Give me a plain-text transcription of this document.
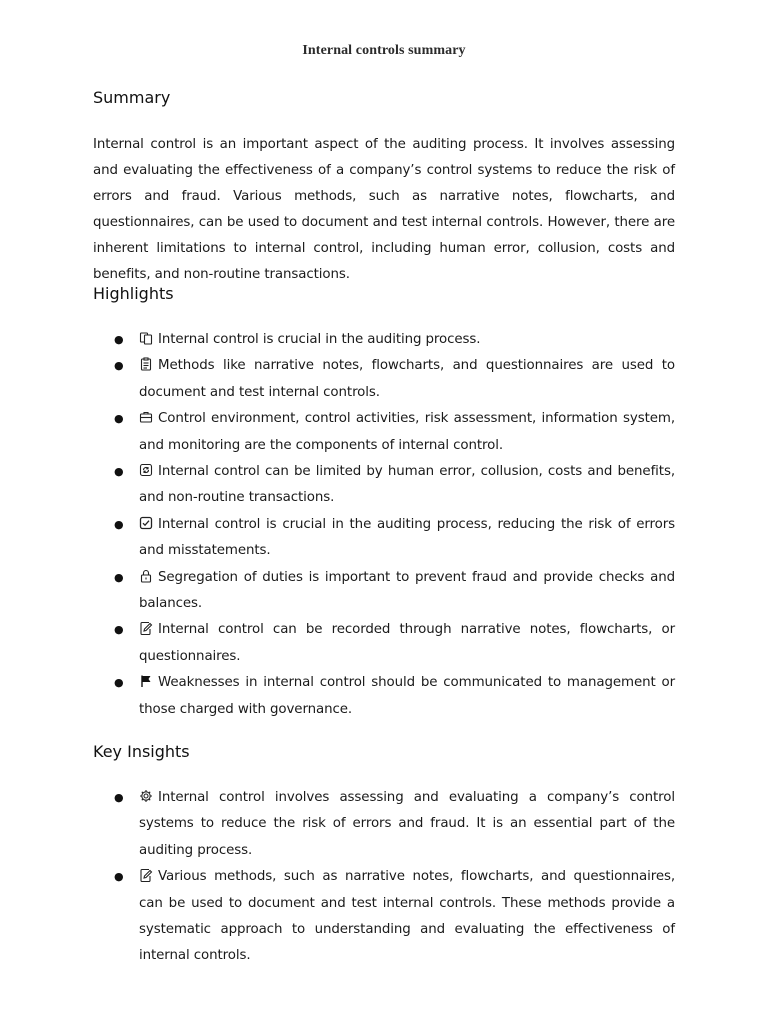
Internal controls summary
Summary

Internal control is an important aspect of the auditing process. It involves assessing and evaluating the effectiveness of a company’s control systems to reduce the risk of errors and fraud. Various methods, such as narrative notes, flowcharts, and questionnaires, can be used to document and test internal controls. However, there are inherent limitations to internal control, including human error, collusion, costs and benefits, and non-routine transactions.

Highlights
●	Internal control is crucial in the auditing process.
●	Methods like narrative notes, flowcharts, and questionnaires are used to document and test internal controls.
●	Control environment, control activities, risk assessment, information system, and monitoring are the components of internal control.
●	Internal control can be limited by human error, collusion, costs and benefits, and non-routine transactions.
●	Internal control is crucial in the auditing process, reducing the risk of errors and misstatements.
●	Segregation of duties is important to prevent fraud and provide checks and balances.
●	Internal control can be recorded through narrative notes, flowcharts, or questionnaires.
●	Weaknesses in internal control should be communicated to management or those charged with governance.
Key Insights
●	Internal control involves assessing and evaluating a company’s control systems to reduce the risk of errors and fraud. It is an essential part of the auditing process.
●	Various methods, such as narrative notes, flowcharts, and questionnaires, can be used to document and test internal controls. These methods provide a systematic approach to understanding and evaluating the effectiveness of internal controls.
